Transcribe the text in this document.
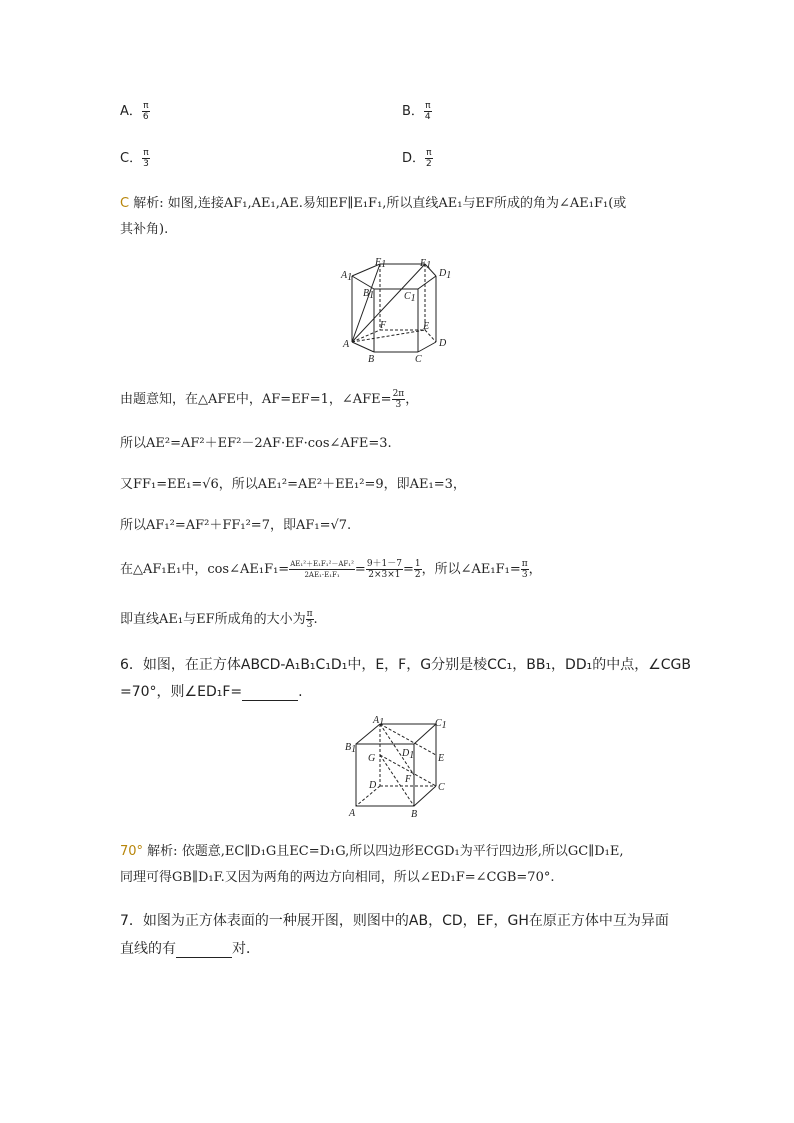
A． $\frac{\pi}{6}$	B． $\frac{\pi}{4}$
C． $\frac{\pi}{3}$	D． $\frac{\pi}{2}$
C 解析: 如图,连接AF₁,AE₁,AE.易知EF∥E₁F₁,所以直线AE₁与EF所成的角为∠AE₁F₁(或
其补角).
A1
B1	C1
D1
E1
F1
A
B	C
D
E
F
由题意知，在△AFE中，AF=EF=1，∠AFE= $\frac{2\pi}{3}$ ，
所以AE²=AF²＋EF²－2AF·EF·cos∠AFE=3.
又FF₁=EE₁=√6，所以AE₁²=AE²＋EE₁²=9，即AE₁=3，
所以AF₁²=AF²＋FF₁²=7，即AF₁=√7.
在△AF₁E₁中，cos∠AE₁F₁= $\frac{\text{AE₁²＋E₁F₁²－AF₁²}}{\text{2AE₁·E₁F₁}} = \frac{9+1-7}{2\times 3\times 1} = \frac{1}{2}$ ，所以∠AE₁F₁= $\frac{\pi}{3}$ ，
即直线AE₁与EF所成角的大小为 $\frac{\pi}{3}$ .
6．如图，在正方体ABCD-A₁B₁C₁D₁中，E，F，G分别是棱CC₁，BB₁，DD₁的中点，∠CGB
=70°，则∠ED₁F=	.
A1	C1
B1	D1
G	E
F
D	C
A	B
70° 解析: 依题意,EC∥D₁G且EC=D₁G,所以四边形ECGD₁为平行四边形,所以GC∥D₁E,
同理可得GB∥D₁F.又因为两角的两边方向相同，所以∠ED₁F=∠CGB=70°.
7．如图为正方体表面的一种展开图，则图中的AB，CD，EF，GH在原正方体中互为异面
直线的有	对．
